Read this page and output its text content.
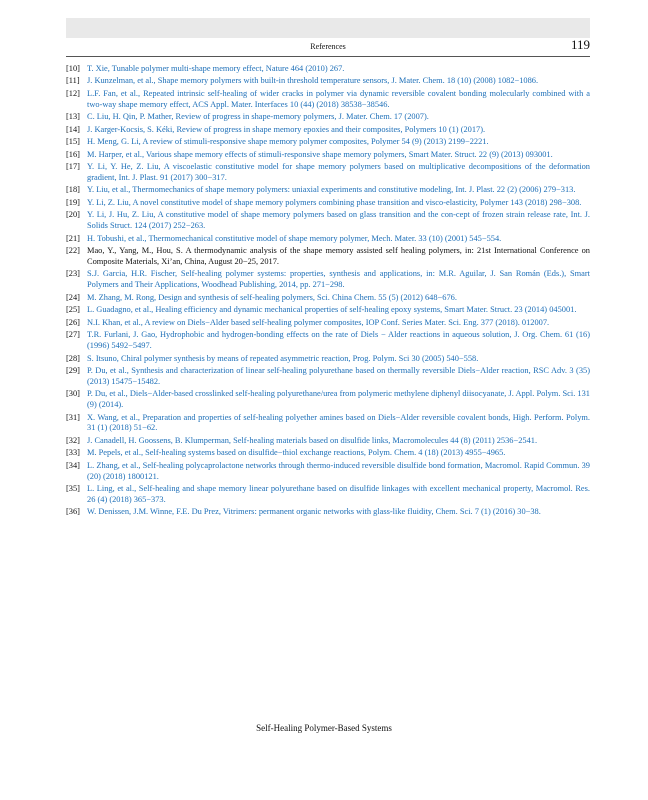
References	119
[10] T. Xie, Tunable polymer multi-shape memory effect, Nature 464 (2010) 267.
[11] J. Kunzelman, et al., Shape memory polymers with built-in threshold temperature sensors, J. Mater. Chem. 18 (10) (2008) 1082−1086.
[12] L.F. Fan, et al., Repeated intrinsic self-healing of wider cracks in polymer via dynamic reversible covalent bonding molecularly combined with a two-way shape memory effect, ACS Appl. Mater. Interfaces 10 (44) (2018) 38538−38546.
[13] C. Liu, H. Qin, P. Mather, Review of progress in shape-memory polymers, J. Mater. Chem. 17 (2007).
[14] J. Karger-Kocsis, S. Kéki, Review of progress in shape memory epoxies and their composites, Polymers 10 (1) (2017).
[15] H. Meng, G. Li, A review of stimuli-responsive shape memory polymer composites, Polymer 54 (9) (2013) 2199−2221.
[16] M. Harper, et al., Various shape memory effects of stimuli-responsive shape memory polymers, Smart Mater. Struct. 22 (9) (2013) 093001.
[17] Y. Li, Y. He, Z. Liu, A viscoelastic constitutive model for shape memory polymers based on multiplicative decompositions of the deformation gradient, Int. J. Plast. 91 (2017) 300−317.
[18] Y. Liu, et al., Thermomechanics of shape memory polymers: uniaxial experiments and constitutive modeling, Int. J. Plast. 22 (2) (2006) 279−313.
[19] Y. Li, Z. Liu, A novel constitutive model of shape memory polymers combining phase transition and visco-elasticity, Polymer 143 (2018) 298−308.
[20] Y. Li, J. Hu, Z. Liu, A constitutive model of shape memory polymers based on glass transition and the con-cept of frozen strain release rate, Int. J. Solids Struct. 124 (2017) 252−263.
[21] H. Tobushi, et al., Thermomechanical constitutive model of shape memory polymer, Mech. Mater. 33 (10) (2001) 545−554.
[22] Mao, Y., Yang, M., Hou, S. A thermodynamic analysis of the shape memory assisted self healing polymers, in: 21st International Conference on Composite Materials, Xi’an, China, August 20−25, 2017.
[23] S.J. Garcia, H.R. Fischer, Self-healing polymer systems: properties, synthesis and applications, in: M.R. Aguilar, J. San Román (Eds.), Smart Polymers and Their Applications, Woodhead Publishing, 2014, pp. 271−298.
[24] M. Zhang, M. Rong, Design and synthesis of self-healing polymers, Sci. China Chem. 55 (5) (2012) 648−676.
[25] L. Guadagno, et al., Healing efficiency and dynamic mechanical properties of self-healing epoxy systems, Smart Mater. Struct. 23 (2014) 045001.
[26] N.I. Khan, et al., A review on Diels−Alder based self-healing polymer composites, IOP Conf. Series Mater. Sci. Eng. 377 (2018). 012007.
[27] T.R. Furlani, J. Gao, Hydrophobic and hydrogen-bonding effects on the rate of Diels − Alder reactions in aqueous solution, J. Org. Chem. 61 (16) (1996) 5492−5497.
[28] S. Itsuno, Chiral polymer synthesis by means of repeated asymmetric reaction, Prog. Polym. Sci 30 (2005) 540−558.
[29] P. Du, et al., Synthesis and characterization of linear self-healing polyurethane based on thermally reversible Diels−Alder reaction, RSC Adv. 3 (35) (2013) 15475−15482.
[30] P. Du, et al., Diels−Alder-based crosslinked self-healing polyurethane/urea from polymeric methylene diphenyl diisocyanate, J. Appl. Polym. Sci. 131 (9) (2014).
[31] X. Wang, et al., Preparation and properties of self-healing polyether amines based on Diels−Alder reversible covalent bonds, High. Perform. Polym. 31 (1) (2018) 51−62.
[32] J. Canadell, H. Goossens, B. Klumperman, Self-healing materials based on disulfide links, Macromolecules 44 (8) (2011) 2536−2541.
[33] M. Pepels, et al., Self-healing systems based on disulfide−thiol exchange reactions, Polym. Chem. 4 (18) (2013) 4955−4965.
[34] L. Zhang, et al., Self-healing polycaprolactone networks through thermo-induced reversible disulfide bond formation, Macromol. Rapid Commun. 39 (20) (2018) 1800121.
[35] L. Ling, et al., Self-healing and shape memory linear polyurethane based on disulfide linkages with excellent mechanical property, Macromol. Res. 26 (4) (2018) 365−373.
[36] W. Denissen, J.M. Winne, F.E. Du Prez, Vitrimers: permanent organic networks with glass-like fluidity, Chem. Sci. 7 (1) (2016) 30−38.
Self-Healing Polymer-Based Systems
